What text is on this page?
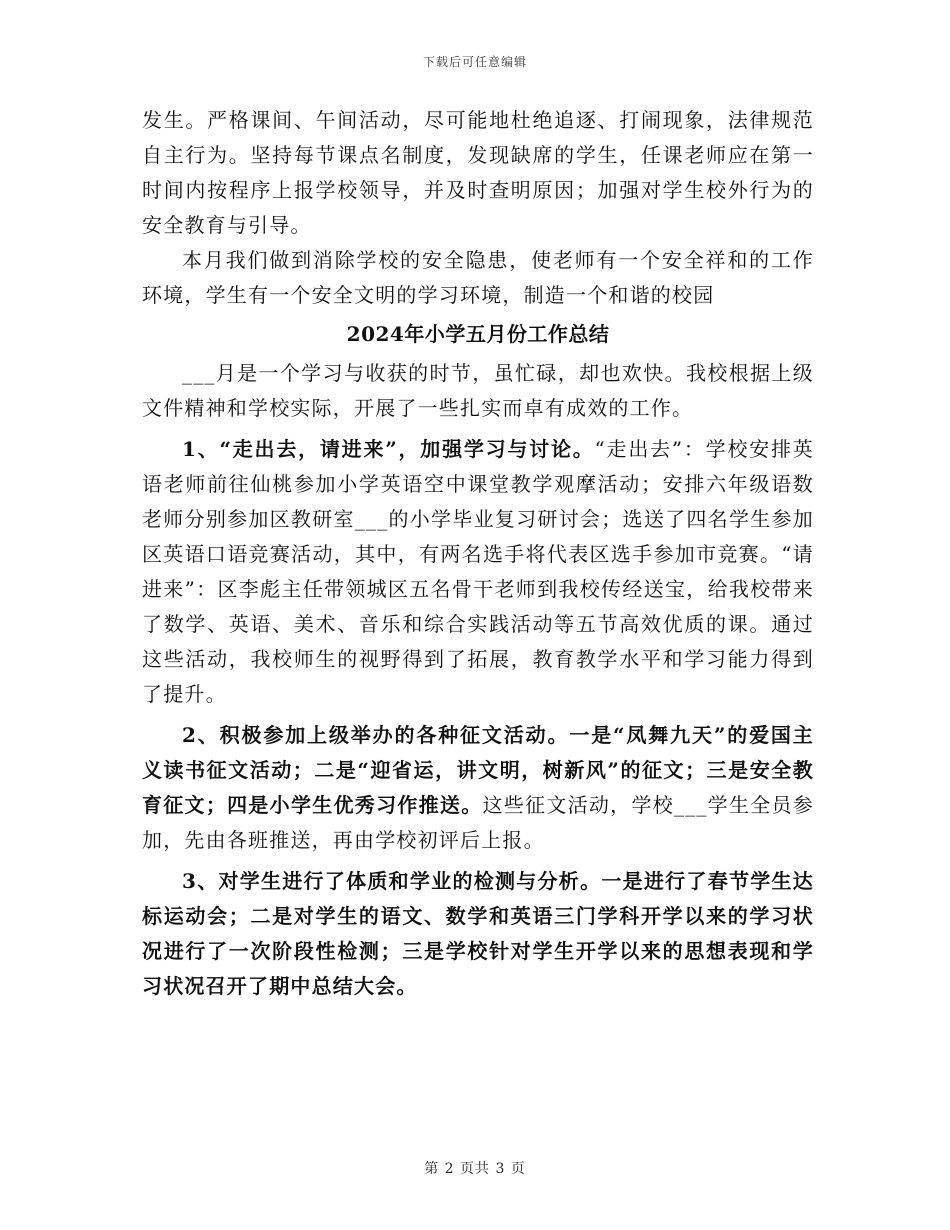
下载后可任意编辑

发生。严格课间、午间活动，尽可能地杜绝追逐、打闹现象，法律规范自主行为。坚持每节课点名制度，发现缺席的学生，任课老师应在第一时间内按程序上报学校领导，并及时查明原因；加强对学生校外行为的安全教育与引导。

本月我们做到消除学校的安全隐患，使老师有一个安全祥和的工作环境，学生有一个安全文明的学习环境，制造一个和谐的校园

2024年小学五月份工作总结

___月是一个学习与收获的时节，虽忙碌，却也欢快。我校根据上级文件精神和学校实际，开展了一些扎实而卓有成效的工作。

1、“走出去，请进来”，加强学习与讨论。“走出去”：学校安排英语老师前往仙桃参加小学英语空中课堂教学观摩活动；安排六年级语数老师分别参加区教研室___的小学毕业复习研讨会；选送了四名学生参加区英语口语竞赛活动，其中，有两名选手将代表区选手参加市竞赛。“请进来”：区李彪主任带领城区五名骨干老师到我校传经送宝，给我校带来了数学、英语、美术、音乐和综合实践活动等五节高效优质的课。通过这些活动，我校师生的视野得到了拓展，教育教学水平和学习能力得到了提升。

2、积极参加上级举办的各种征文活动。一是“凤舞九天”的爱国主义读书征文活动；二是“迎省运，讲文明，树新风”的征文；三是安全教育征文；四是小学生优秀习作推送。这些征文活动，学校___学生全员参加，先由各班推送，再由学校初评后上报。

3、对学生进行了体质和学业的检测与分析。一是进行了春节学生达标运动会；二是对学生的语文、数学和英语三门学科开学以来的学习状况进行了一次阶段性检测；三是学校针对学生开学以来的思想表现和学习状况召开了期中总结大会。

第 2 页共 3 页
